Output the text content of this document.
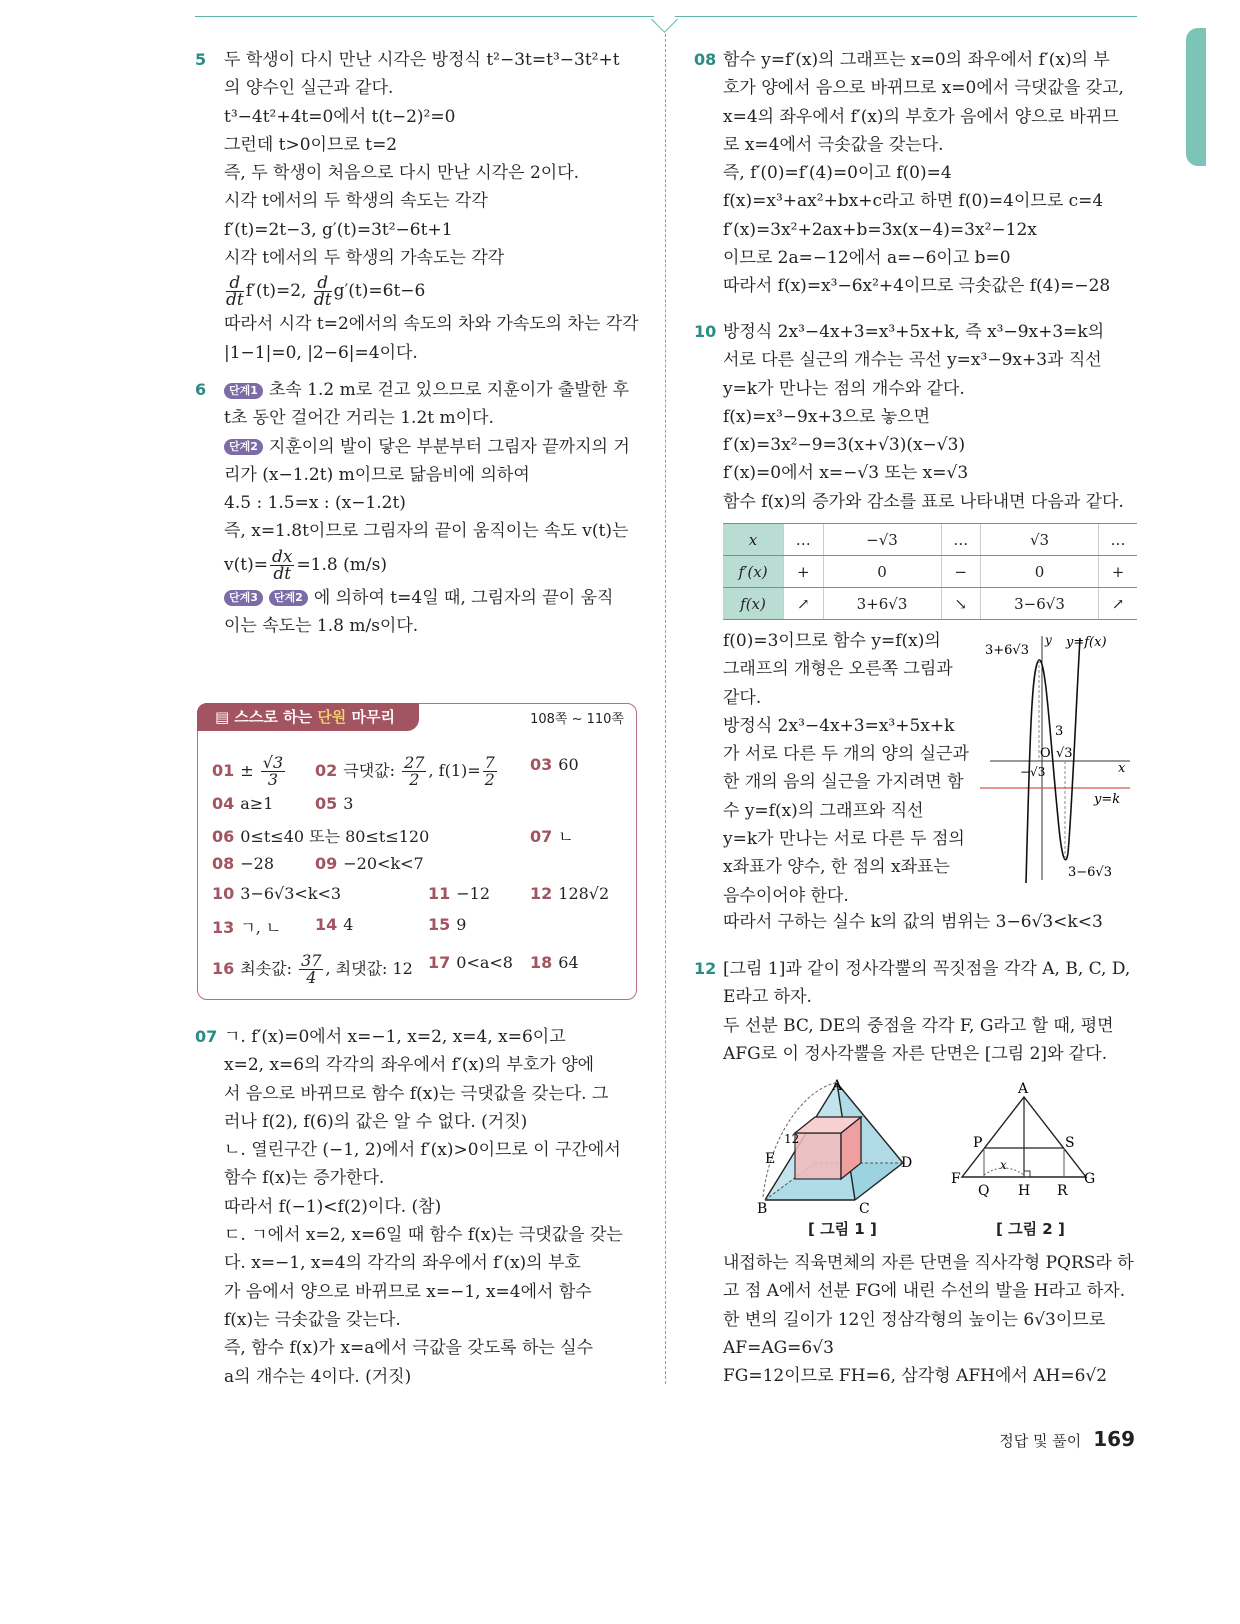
5 두 학생이 다시 만난 시각은 방정식 t²−3t=t³−3t²+t
의 양수인 실근과 같다.
t³−4t²+4t=0에서 t(t−2)²=0
그런데 t>0이므로 t=2
즉, 두 학생이 처음으로 다시 만난 시각은 2이다.
시각 t에서의 두 학생의 속도는 각각
f′(t)=2t−3, g′(t)=3t²−6t+1
시각 t에서의 두 학생의 가속도는 각각
$\frac{d}{dt} f'(t)=2$, $\frac{d}{dt} g'(t)=6t-6$
따라서 시각 t=2에서의 속도의 차와 가속도의 차는 각각
|1−1|=0, |2−6|=4이다.
6 단계1 초속 1.2 m로 걷고 있으므로 지훈이가 출발한 후
t초 동안 걸어간 거리는 1.2t m이다.
단계2 지훈이의 발이 닿은 부분부터 그림자 끝까지의 거
리가 (x−1.2t) m이므로 닮음비에 의하여
4.5 : 1.5=x : (x−1.2t)
즉, x=1.8t이므로 그림자의 끝이 움직이는 속도 v(t)는
$v(t)= \frac{dx}{dt} =1.8$ (m/s)
단계3 단계2 에 의하여 t=4일 때, 그림자의 끝이 움직
이는 속도는 1.8 m/s이다.
▤ 스스로 하는 단원 마무리	108쪽 ~ 110쪽
$01 \pm \frac{√3}{3} 02$ 극댓값: $\frac{27}{2}$ , $f(1)= \frac{7}{2} 03$ 60
04 a≥1	05 3
06 0≤t≤40 또는 80≤t≤120	07 ㄴ
08 −28	09 −20<k<7
10 3−6√3<k<3	11 −12 12 128√2
13 ㄱ, ㄴ 14 4	15 9
16 최솟값: $\frac{37}{4}$ , 최댓값: 12 17 0<a<8 18 64
07 ㄱ. f′(x)=0에서 x=−1, x=2, x=4, x=6이고
x=2, x=6의 각각의 좌우에서 f′(x)의 부호가 양에
서 음으로 바뀌므로 함수 f(x)는 극댓값을 갖는다. 그
러나 f(2), f(6)의 값은 알 수 없다. (거짓)
ㄴ. 열린구간 (−1, 2)에서 f′(x)>0이므로 이 구간에서
함수 f(x)는 증가한다.
따라서 f(−1)<f(2)이다. (참)
ㄷ. ㄱ에서 x=2, x=6일 때 함수 f(x)는 극댓값을 갖는
다. x=−1, x=4의 각각의 좌우에서 f′(x)의 부호
가 음에서 양으로 바뀌므로 x=−1, x=4에서 함수
f(x)는 극솟값을 갖는다.
즉, 함수 f(x)가 x=a에서 극값을 갖도록 하는 실수
a의 개수는 4이다. (거짓)
08 함수 y=f′(x)의 그래프는 x=0의 좌우에서 f′(x)의 부
호가 양에서 음으로 바뀌므로 x=0에서 극댓값을 갖고,
x=4의 좌우에서 f′(x)의 부호가 음에서 양으로 바뀌므
로 x=4에서 극솟값을 갖는다.
즉, f′(0)=f′(4)=0이고 f(0)=4
f(x)=x³+ax²+bx+c라고 하면 f(0)=4이므로 c=4
f′(x)=3x²+2ax+b=3x(x−4)=3x²−12x
이므로 2a=−12에서 a=−6이고 b=0
따라서 f(x)=x³−6x²+4이므로 극솟값은 f(4)=−28
10 방정식 2x³−4x+3=x³+5x+k, 즉 x³−9x+3=k의
서로 다른 실근의 개수는 곡선 y=x³−9x+3과 직선
y=k가 만나는 점의 개수와 같다.
f(x)=x³−9x+3으로 놓으면
f′(x)=3x²−9=3(x+√3)(x−√3)
f′(x)=0에서 x=−√3 또는 x=√3
함수 f(x)의 증가와 감소를 표로 나타내면 다음과 같다.
x	…	−√3	…	√3	…
f′(x)	+	0	−	0	+
f(x)	↗	3+6√3	↘	3−6√3	↗
f(0)=3이므로 함수 y=f(x)의
그래프의 개형은 오른쪽 그림과
같다.
방정식 2x³−4x+3=x³+5x+k
가 서로 다른 두 개의 양의 실근과
한 개의 음의 실근을 가지려면 함
수 y=f(x)의 그래프와 직선
y=k가 만나는 서로 다른 두 점의
x좌표가 양수, 한 점의 x좌표는
음수이어야 한다.
3+6√3
y y=f(x)
3
O √3
−√3	x
y=k
3−6√3
따라서 구하는 실수 k의 값의 범위는 3−6√3<k<3
12 [그림 1]과 같이 정사각뿔의 꼭짓점을 각각 A, B, C, D,
E라고 하자.
두 선분 BC, DE의 중점을 각각 F, G라고 할 때, 평면
AFG로 이 정사각뿔을 자른 단면은 [그림 2]와 같다.
A
B	C
D
E
12
[ 그림 1 ]
A
F	G
P	S
Q H R
x
[ 그림 2 ]
내접하는 직육면체의 자른 단면을 직사각형 PQRS라 하
고 점 A에서 선분 FG에 내린 수선의 발을 H라고 하자.
한 변의 길이가 12인 정삼각형의 높이는 6√3이므로
AF=AG=6√3
FG=12이므로 FH=6, 삼각형 AFH에서 AH=6√2
정답 및 풀이 169
